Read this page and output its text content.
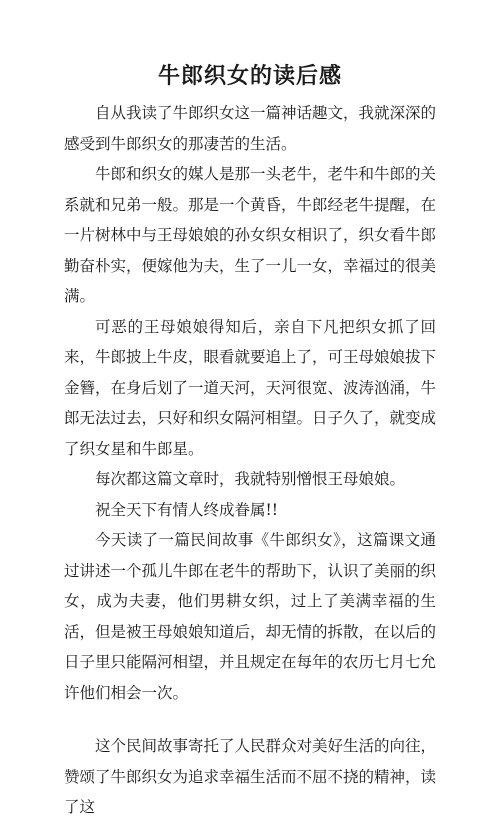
牛郎织女的读后感

自从我读了牛郎织女这一篇神话趣文，我就深深的感受到牛郎织女的那凄苦的生活。

牛郎和织女的媒人是那一头老牛，老牛和牛郎的关系就和兄弟一般。那是一个黄昏，牛郎经老牛提醒，在一片树林中与王母娘娘的孙女织女相识了，织女看牛郎勤奋朴实，便嫁他为夫，生了一儿一女，幸福过的很美满。

可恶的王母娘娘得知后，亲自下凡把织女抓了回来，牛郎披上牛皮，眼看就要追上了，可王母娘娘拔下金簪，在身后划了一道天河，天河很宽、波涛汹涌，牛郎无法过去，只好和织女隔河相望。日子久了，就变成了织女星和牛郎星。

每次都这篇文章时，我就特别憎恨王母娘娘。

祝全天下有情人终成眷属!!

今天读了一篇民间故事《牛郎织女》，这篇课文通过讲述一个孤儿牛郎在老牛的帮助下，认识了美丽的织女，成为夫妻，他们男耕女织，过上了美满幸福的生活，但是被王母娘娘知道后，却无情的拆散，在以后的日子里只能隔河相望，并且规定在每年的农历七月七允许他们相会一次。

这个民间故事寄托了人民群众对美好生活的向往，赞颂了牛郎织女为追求幸福生活而不屈不挠的精神，读了这
